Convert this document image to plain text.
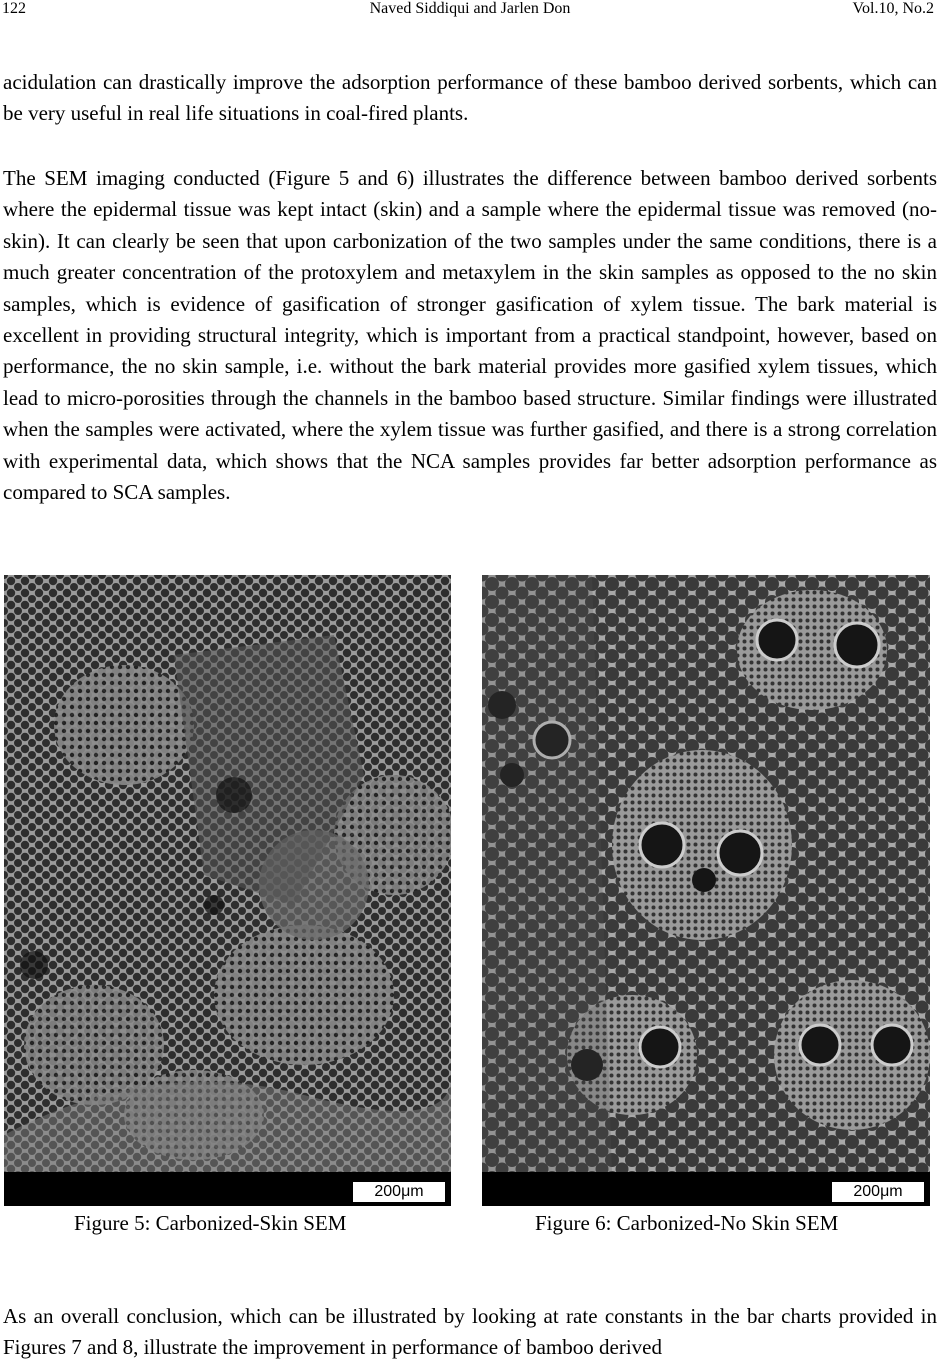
122	Naved Siddiqui and Jarlen Don	Vol.10, No.2

acidulation can drastically improve the adsorption performance of these bamboo derived sorbents, which can be very useful in real life situations in coal-fired plants.

The SEM imaging conducted (Figure 5 and 6) illustrates the difference between bamboo derived sorbents where the epidermal tissue was kept intact (skin) and a sample where the epidermal tissue was removed (no-skin). It can clearly be seen that upon carbonization of the two samples under the same conditions, there is a much greater concentration of the protoxylem and metaxylem in the skin samples as opposed to the no skin samples, which is evidence of gasification of stronger gasification of xylem tissue. The bark material is excellent in providing structural integrity, which is important from a practical standpoint, however, based on performance, the no skin sample, i.e. without the bark material provides more gasified xylem tissues, which lead to micro-porosities through the channels in the bamboo based structure. Similar findings were illustrated when the samples were activated, where the xylem tissue was further gasified, and there is a strong correlation with experimental data, which shows that the NCA samples provides far better adsorption performance as compared to SCA samples.

200μm	200μm
Figure 5: Carbonized-Skin SEM	Figure 6: Carbonized-No Skin SEM

As an overall conclusion, which can be illustrated by looking at rate constants in the bar charts provided in Figures 7 and 8, illustrate the improvement in performance of bamboo derived
